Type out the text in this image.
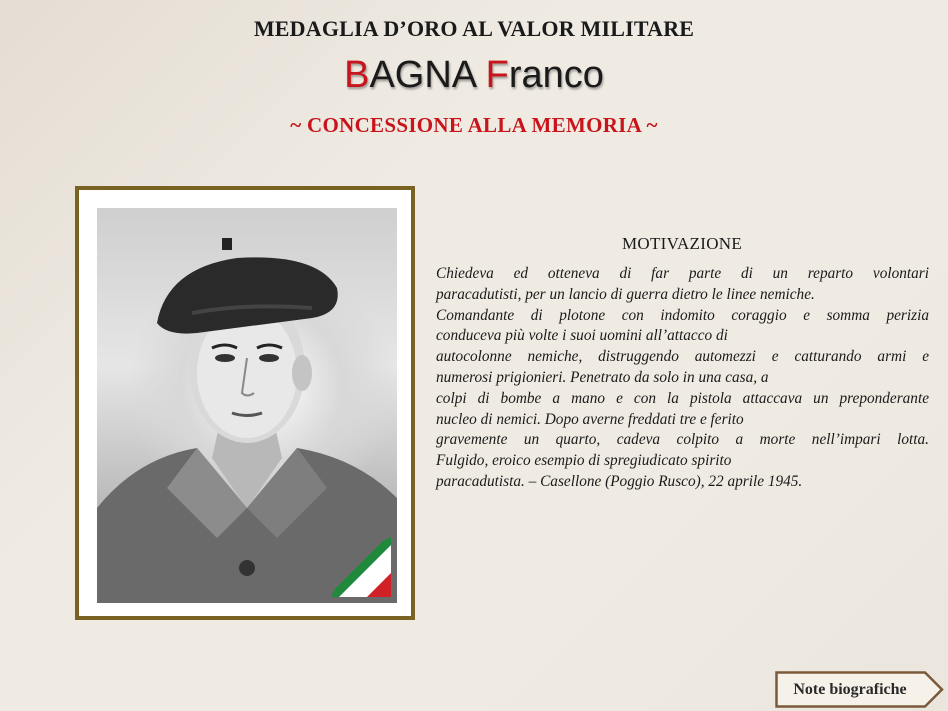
MEDAGLIA D’ORO AL VALOR MILITARE
BAGNA Franco
~ CONCESSIONE ALLA MEMORIA ~
MOTIVAZIONE
Chiedeva ed otteneva di far parte di un reparto volontari
paracadutisti, per un lancio di guerra dietro le linee nemiche.
Comandante di plotone con indomito coraggio e somma perizia
conduceva più volte i suoi uomini all’attacco di
autocolonne nemiche, distruggendo automezzi e catturando armi e
numerosi prigionieri. Penetrato da solo in una casa, a
colpi di bombe a mano e con la pistola attaccava un preponderante
nucleo di nemici. Dopo averne freddati tre e ferito
gravemente un quarto, cadeva colpito a morte nell’impari lotta.
Fulgido, eroico esempio di spregiudicato spirito
paracadutista. – Casellone (Poggio Rusco), 22 aprile 1945.
Note biografiche
